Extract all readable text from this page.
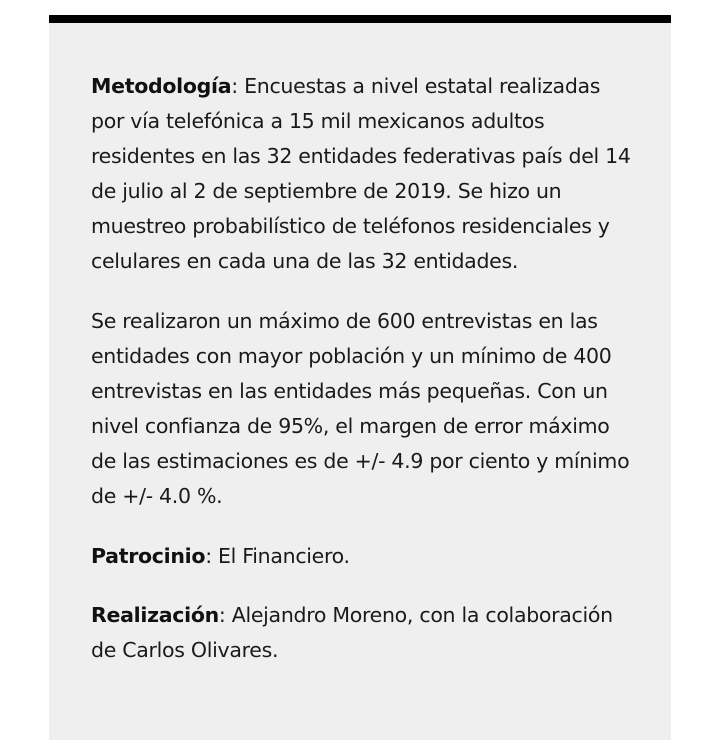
Metodología: Encuestas a nivel estatal realizadas por vía telefónica a 15 mil mexicanos adultos residentes en las 32 entidades federativas país del 14 de julio al 2 de septiembre de 2019. Se hizo un muestreo probabilístico de teléfonos residenciales y celulares en cada una de las 32 entidades.

Se realizaron un máximo de 600 entrevistas en las entidades con mayor población y un mínimo de 400 entrevistas en las entidades más pequeñas. Con un nivel confianza de 95%, el margen de error máximo de las estimaciones es de +/- 4.9 por ciento y mínimo de +/- 4.0 %.

Patrocinio: El Financiero.

Realización: Alejandro Moreno, con la colaboración de Carlos Olivares.
